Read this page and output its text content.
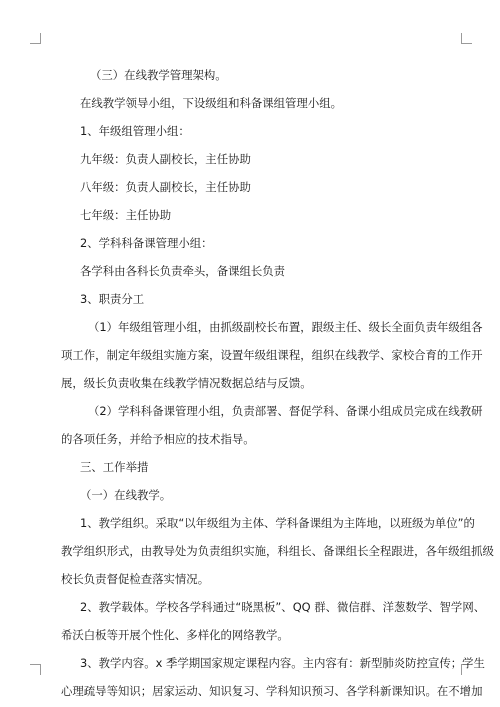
（三）在线教学管理架构。

在线教学领导小组，下设级组和科备课组管理小组。

1、年级组管理小组：

九年级：负责人副校长，主任协助

八年级：负责人副校长，主任协助

七年级：主任协助

2、学科科备课管理小组：

各学科由各科长负责牵头，备课组长负责

3、职责分工

（1）年级组管理小组，由抓级副校长布置，跟级主任、级长全面负责年级组各

项工作，制定年级组实施方案，设置年级组课程，组织在线教学、家校合育的工作开

展，级长负责收集在线教学情况数据总结与反馈。

（2）学科科备课管理小组，负责部署、督促学科、备课小组成员完成在线教研

的各项任务，并给予相应的技术指导。

三、工作举措

（一）在线教学。

1、教学组织。采取“以年级组为主体、学科备课组为主阵地，以班级为单位”的

教学组织形式，由教导处为负责组织实施，科组长、备课组长全程跟进，各年级组抓级

校长负责督促检查落实情况。

2、教学载体。学校各学科通过“晓黑板”、QQ 群、微信群、洋葱数学、智学网、

希沃白板等开展个性化、多样化的网络教学。

3、教学内容。x 季学期国家规定课程内容。主内容有：新型肺炎防控宣传；学生

心理疏导等知识；居家运动、知识复习、学科知识预习、各学科新课知识。在不增加
